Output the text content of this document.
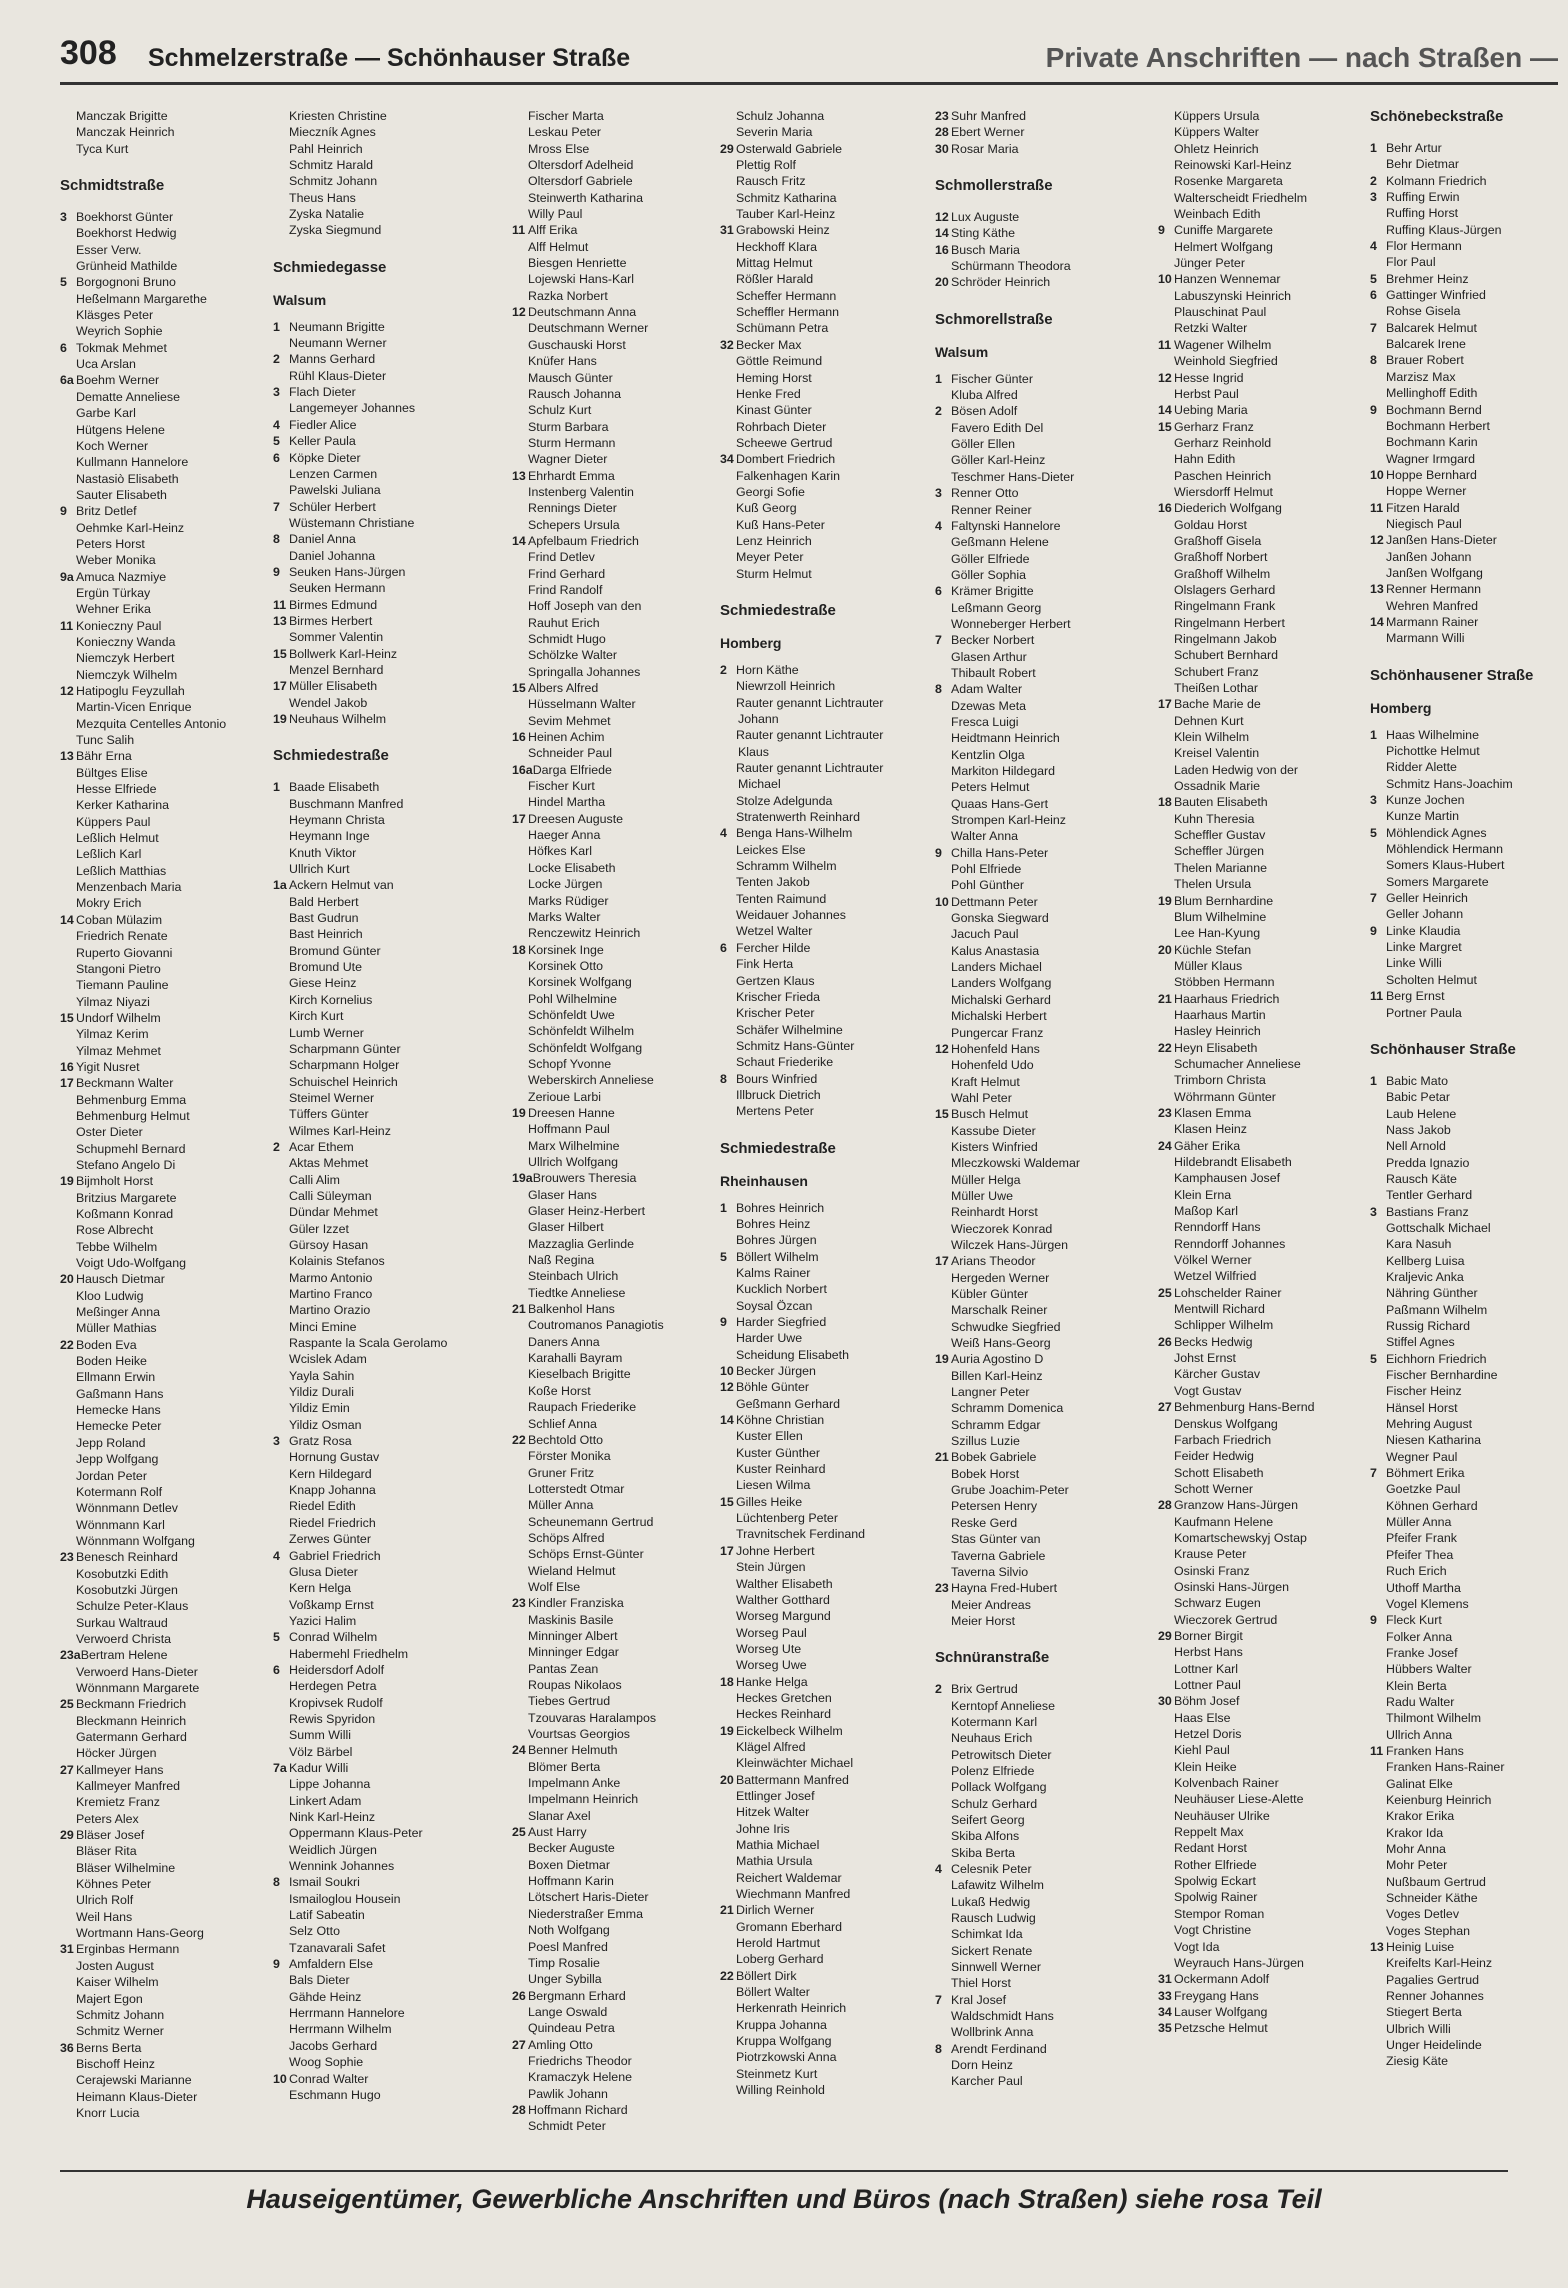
308 Schmelzerstraße — Schönhauser Straße	Private Anschriften — nach Straßen —
Manczak Brigitte
Manczak Heinrich
Tyca Kurt
Schmidtstraße
3 Boekhorst Günter
Boekhorst Hedwig
Esser Verw.
Grünheid Mathilde
5 Borgognoni Bruno
Heßelmann Margarethe
Kläsges Peter
Weyrich Sophie
6 Tokmak Mehmet
Uca Arslan
6a Boehm Werner
Dematte Anneliese
Garbe Karl
Hütgens Helene
Koch Werner
Kullmann Hannelore
Nastasiò Elisabeth
Sauter Elisabeth
9 Britz Detlef
Oehmke Karl-Heinz
Peters Horst
Weber Monika
9a Amuca Nazmiye
Ergün Türkay
Wehner Erika
11 Konieczny Paul
Konieczny Wanda
Niemczyk Herbert
Niemczyk Wilhelm
12 Hatipoglu Feyzullah
Martin-Vicen Enrique
Mezquita Centelles Antonio
Tunc Salih
13 Bähr Erna
Bültges Elise
Hesse Elfriede
Kerker Katharina
Küppers Paul
Leßlich Helmut
Leßlich Karl
Leßlich Matthias
Menzenbach Maria
Mokry Erich
14 Coban Mülazim
Friedrich Renate
Ruperto Giovanni
Stangoni Pietro
Tiemann Pauline
Yilmaz Niyazi
15 Undorf Wilhelm
Yilmaz Kerim
Yilmaz Mehmet
16 Yigit Nusret
17 Beckmann Walter
Behmenburg Emma
Behmenburg Helmut
Oster Dieter
Schupmehl Bernard
Stefano Angelo Di
19 Bijmholt Horst
Britzius Margarete
Koßmann Konrad
Rose Albrecht
Tebbe Wilhelm
Voigt Udo-Wolfgang
20 Hausch Dietmar
Kloo Ludwig
Meßinger Anna
Müller Mathias
22 Boden Eva
Boden Heike
Ellmann Erwin
Gaßmann Hans
Hemecke Hans
Hemecke Peter
Jepp Roland
Jepp Wolfgang
Jordan Peter
Kotermann Rolf
Wönnmann Detlev
Wönnmann Karl
Wönnmann Wolfgang
23 Benesch Reinhard
Kosobutzki Edith
Kosobutzki Jürgen
Schulze Peter-Klaus
Surkau Waltraud
Verwoerd Christa
23aBertram Helene
Verwoerd Hans-Dieter
Wönnmann Margarete
25 Beckmann Friedrich
Bleckmann Heinrich
Gatermann Gerhard
Höcker Jürgen
27 Kallmeyer Hans
Kallmeyer Manfred
Kremietz Franz
Peters Alex
29 Bläser Josef
Bläser Rita
Bläser Wilhelmine
Köhnes Peter
Ulrich Rolf
Weil Hans
Wortmann Hans-Georg
31 Erginbas Hermann
Josten August
Kaiser Wilhelm
Majert Egon
Schmitz Johann
Schmitz Werner
36 Berns Berta
Bischoff Heinz
Cerajewski Marianne
Heimann Klaus-Dieter
Knorr Lucia
Kriesten Christine
Mieczník Agnes
Pahl Heinrich
Schmitz Harald
Schmitz Johann
Theus Hans
Zyska Natalie
Zyska Siegmund
Schmiedegasse
Walsum
1 Neumann Brigitte
Neumann Werner
2 Manns Gerhard
Rühl Klaus-Dieter
3 Flach Dieter
Langemeyer Johannes
4 Fiedler Alice
5 Keller Paula
6 Köpke Dieter
Lenzen Carmen
Pawelski Juliana
7 Schüler Herbert
Wüstemann Christiane
8 Daniel Anna
Daniel Johanna
9 Seuken Hans-Jürgen
Seuken Hermann
11 Birmes Edmund
13 Birmes Herbert
Sommer Valentin
15 Bollwerk Karl-Heinz
Menzel Bernhard
17 Müller Elisabeth
Wendel Jakob
19 Neuhaus Wilhelm
Schmiedestraße
1 Baade Elisabeth
Buschmann Manfred
Heymann Christa
Heymann Inge
Knuth Viktor
Ullrich Kurt
1a Ackern Helmut van
Bald Herbert
Bast Gudrun
Bast Heinrich
Bromund Günter
Bromund Ute
Giese Heinz
Kirch Kornelius
Kirch Kurt
Lumb Werner
Scharpmann Günter
Scharpmann Holger
Schuischel Heinrich
Steimel Werner
Tüffers Günter
Wilmes Karl-Heinz
2 Acar Ethem
Aktas Mehmet
Calli Alim
Calli Süleyman
Dündar Mehmet
Güler Izzet
Gürsoy Hasan
Kolainis Stefanos
Marmo Antonio
Martino Franco
Martino Orazio
Minci Emine
Raspante la Scala Gerolamo
Wcislek Adam
Yayla Sahin
Yildiz Durali
Yildiz Emin
Yildiz Osman
3 Gratz Rosa
Hornung Gustav
Kern Hildegard
Knapp Johanna
Riedel Edith
Riedel Friedrich
Zerwes Günter
4 Gabriel Friedrich
Glusa Dieter
Kern Helga
Voßkamp Ernst
Yazici Halim
5 Conrad Wilhelm
Habermehl Friedhelm
6 Heidersdorf Adolf
Herdegen Petra
Kropivsek Rudolf
Rewis Spyridon
Summ Willi
Völz Bärbel
7a Kadur Willi
Lippe Johanna
Linkert Adam
Nink Karl-Heinz
Oppermann Klaus-Peter
Weidlich Jürgen
Wennink Johannes
8 Ismail Soukri
Ismailoglou Housein
Latif Sabeatin
Selz Otto
Tzanavarali Safet
9 Amfaldern Else
Bals Dieter
Gähde Heinz
Herrmann Hannelore
Herrmann Wilhelm
Jacobs Gerhard
Woog Sophie
10 Conrad Walter
Eschmann Hugo
Fischer Marta
Leskau Peter
Mross Else
Oltersdorf Adelheid
Oltersdorf Gabriele
Steinwerth Katharina
Willy Paul
11 Alff Erika
Alff Helmut
Biesgen Henriette
Lojewski Hans-Karl
Razka Norbert
12 Deutschmann Anna
Deutschmann Werner
Guschauski Horst
Knüfer Hans
Mausch Günter
Rausch Johanna
Schulz Kurt
Sturm Barbara
Sturm Hermann
Wagner Dieter
13 Ehrhardt Emma
Instenberg Valentin
Rennings Dieter
Schepers Ursula
14 Apfelbaum Friedrich
Frind Detlev
Frind Gerhard
Frind Randolf
Hoff Joseph van den
Rauhut Erich
Schmidt Hugo
Schölzke Walter
Springalla Johannes
15 Albers Alfred
Hüsselmann Walter
Sevim Mehmet
16 Heinen Achim
Schneider Paul
16aDarga Elfriede
Fischer Kurt
Hindel Martha
17 Dreesen Auguste
Haeger Anna
Höfkes Karl
Locke Elisabeth
Locke Jürgen
Marks Rüdiger
Marks Walter
Renczewitz Heinrich
18 Korsinek Inge
Korsinek Otto
Korsinek Wolfgang
Pohl Wilhelmine
Schönfeldt Uwe
Schönfeldt Wilhelm
Schönfeldt Wolfgang
Schopf Yvonne
Weberskirch Anneliese
Zerioue Larbi
19 Dreesen Hanne
Hoffmann Paul
Marx Wilhelmine
Ullrich Wolfgang
19aBrouwers Theresia
Glaser Hans
Glaser Heinz-Herbert
Glaser Hilbert
Mazzaglia Gerlinde
Naß Regina
Steinbach Ulrich
Tiedtke Anneliese
21 Balkenhol Hans
Coutromanos Panagiotis
Daners Anna
Karahalli Bayram
Kieselbach Brigitte
Koße Horst
Raupach Friederike
Schlief Anna
22 Bechtold Otto
Förster Monika
Gruner Fritz
Lotterstedt Otmar
Müller Anna
Scheunemann Gertrud
Schöps Alfred
Schöps Ernst-Günter
Wieland Helmut
Wolf Else
23 Kindler Franziska
Maskinis Basile
Minninger Albert
Minninger Edgar
Pantas Zean
Roupas Nikolaos
Tiebes Gertrud
Tzouvaras Haralampos
Vourtsas Georgios
24 Benner Helmuth
Blömer Berta
Impelmann Anke
Impelmann Heinrich
Slanar Axel
25 Aust Harry
Becker Auguste
Boxen Dietmar
Hoffmann Karin
Lötschert Haris-Dieter
Niederstraßer Emma
Noth Wolfgang
Poesl Manfred
Timp Rosalie
Unger Sybilla
26 Bergmann Erhard
Lange Oswald
Quindeau Petra
27 Amling Otto
Friedrichs Theodor
Kramaczyk Helene
Pawlik Johann
28 Hoffmann Richard
Schmidt Peter
Schulz Johanna
Severin Maria
29 Osterwald Gabriele
Plettig Rolf
Rausch Fritz
Schmitz Katharina
Tauber Karl-Heinz
31 Grabowski Heinz
Heckhoff Klara
Mittag Helmut
Rößler Harald
Scheffer Hermann
Scheffler Hermann
Schümann Petra
32 Becker Max
Göttle Reimund
Heming Horst
Henke Fred
Kinast Günter
Rohrbach Dieter
Scheewe Gertrud
34 Dombert Friedrich
Falkenhagen Karin
Georgi Sofie
Kuß Georg
Kuß Hans-Peter
Lenz Heinrich
Meyer Peter
Sturm Helmut
Schmiedestraße
Homberg
2 Horn Käthe
Niewrzoll Heinrich
Rauter genannt Lichtrauter
Johann
Rauter genannt Lichtrauter
Klaus
Rauter genannt Lichtrauter
Michael
Stolze Adelgunda
Stratenwerth Reinhard
4 Benga Hans-Wilhelm
Leickes Else
Schramm Wilhelm
Tenten Jakob
Tenten Raimund
Weidauer Johannes
Wetzel Walter
6 Fercher Hilde
Fink Herta
Gertzen Klaus
Krischer Frieda
Krischer Peter
Schäfer Wilhelmine
Schmitz Hans-Günter
Schaut Friederike
8 Bours Winfried
Illbruck Dietrich
Mertens Peter
Schmiedestraße
Rheinhausen
1 Bohres Heinrich
Bohres Heinz
Bohres Jürgen
5 Böllert Wilhelm
Kalms Rainer
Kucklich Norbert
Soysal Özcan
9 Harder Siegfried
Harder Uwe
Scheidung Elisabeth
10 Becker Jürgen
12 Böhle Günter
Geßmann Gerhard
14 Köhne Christian
Kuster Ellen
Kuster Günther
Kuster Reinhard
Liesen Wilma
15 Gilles Heike
Lüchtenberg Peter
Travnitschek Ferdinand
17 Johne Herbert
Stein Jürgen
Walther Elisabeth
Walther Gotthard
Worseg Margund
Worseg Paul
Worseg Ute
Worseg Uwe
18 Hanke Helga
Heckes Gretchen
Heckes Reinhard
19 Eickelbeck Wilhelm
Klägel Alfred
Kleinwächter Michael
20 Battermann Manfred
Ettlinger Josef
Hitzek Walter
Johne Iris
Mathia Michael
Mathia Ursula
Reichert Waldemar
Wiechmann Manfred
21 Dirlich Werner
Gromann Eberhard
Herold Hartmut
Loberg Gerhard
22 Böllert Dirk
Böllert Walter
Herkenrath Heinrich
Kruppa Johanna
Kruppa Wolfgang
Piotrzkowski Anna
Steinmetz Kurt
Willing Reinhold
23 Suhr Manfred
28 Ebert Werner
30 Rosar Maria
Schmollerstraße
12 Lux Auguste
14 Sting Käthe
16 Busch Maria
Schürmann Theodora
20 Schröder Heinrich
Schmorellstraße
Walsum
1 Fischer Günter
Kluba Alfred
2 Bösen Adolf
Favero Edith Del
Göller Ellen
Göller Karl-Heinz
Teschmer Hans-Dieter
3 Renner Otto
Renner Reiner
4 Faltynski Hannelore
Geßmann Helene
Göller Elfriede
Göller Sophia
6 Krämer Brigitte
Leßmann Georg
Wonneberger Herbert
7 Becker Norbert
Glasen Arthur
Thibault Robert
8 Adam Walter
Dzewas Meta
Fresca Luigi
Heidtmann Heinrich
Kentzlin Olga
Markiton Hildegard
Peters Helmut
Quaas Hans-Gert
Strompen Karl-Heinz
Walter Anna
9 Chilla Hans-Peter
Pohl Elfriede
Pohl Günther
10 Dettmann Peter
Gonska Siegward
Jacuch Paul
Kalus Anastasia
Landers Michael
Landers Wolfgang
Michalski Gerhard
Michalski Herbert
Pungercar Franz
12 Hohenfeld Hans
Hohenfeld Udo
Kraft Helmut
Wahl Peter
15 Busch Helmut
Kassube Dieter
Kisters Winfried
Mleczkowski Waldemar
Müller Helga
Müller Uwe
Reinhardt Horst
Wieczorek Konrad
Wilczek Hans-Jürgen
17 Arians Theodor
Hergeden Werner
Kübler Günter
Marschalk Reiner
Schwudke Siegfried
Weiß Hans-Georg
19 Auria Agostino D
Billen Karl-Heinz
Langner Peter
Schramm Domenica
Schramm Edgar
Szillus Luzie
21 Bobek Gabriele
Bobek Horst
Grube Joachim-Peter
Petersen Henry
Reske Gerd
Stas Günter van
Taverna Gabriele
Taverna Silvio
23 Hayna Fred-Hubert
Meier Andreas
Meier Horst
Schnüranstraße
2 Brix Gertrud
Kerntopf Anneliese
Kotermann Karl
Neuhaus Erich
Petrowitsch Dieter
Polenz Elfriede
Pollack Wolfgang
Schulz Gerhard
Seifert Georg
Skiba Alfons
Skiba Berta
4 Celesnik Peter
Lafawitz Wilhelm
Lukaß Hedwig
Rausch Ludwig
Schimkat Ida
Sickert Renate
Sinnwell Werner
Thiel Horst
7 Kral Josef
Waldschmidt Hans
Wollbrink Anna
8 Arendt Ferdinand
Dorn Heinz
Karcher Paul
Küppers Ursula
Küppers Walter
Ohletz Heinrich
Reinowski Karl-Heinz
Rosenke Margareta
Walterscheidt Friedhelm
Weinbach Edith
9 Cuniffe Margarete
Helmert Wolfgang
Jünger Peter
10 Hanzen Wennemar
Labuszynski Heinrich
Plauschinat Paul
Retzki Walter
11 Wagener Wilhelm
Weinhold Siegfried
12 Hesse Ingrid
Herbst Paul
14 Uebing Maria
15 Gerharz Franz
Gerharz Reinhold
Hahn Edith
Paschen Heinrich
Wiersdorff Helmut
16 Diederich Wolfgang
Goldau Horst
Graßhoff Gisela
Graßhoff Norbert
Graßhoff Wilhelm
Olslagers Gerhard
Ringelmann Frank
Ringelmann Herbert
Ringelmann Jakob
Schubert Bernhard
Schubert Franz
Theißen Lothar
17 Bache Marie de
Dehnen Kurt
Klein Wilhelm
Kreisel Valentin
Laden Hedwig von der
Ossadnik Marie
18 Bauten Elisabeth
Kuhn Theresia
Scheffler Gustav
Scheffler Jürgen
Thelen Marianne
Thelen Ursula
19 Blum Bernhardine
Blum Wilhelmine
Lee Han-Kyung
20 Küchle Stefan
Müller Klaus
Stöbben Hermann
21 Haarhaus Friedrich
Haarhaus Martin
Hasley Heinrich
22 Heyn Elisabeth
Schumacher Anneliese
Trimborn Christa
Wöhrmann Günter
23 Klasen Emma
Klasen Heinz
24 Gäher Erika
Hildebrandt Elisabeth
Kamphausen Josef
Klein Erna
Maßop Karl
Renndorff Hans
Renndorff Johannes
Völkel Werner
Wetzel Wilfried
25 Lohschelder Rainer
Mentwill Richard
Schlipper Wilhelm
26 Becks Hedwig
Johst Ernst
Kärcher Gustav
Vogt Gustav
27 Behmenburg Hans-Bernd
Denskus Wolfgang
Farbach Friedrich
Feider Hedwig
Schott Elisabeth
Schott Werner
28 Granzow Hans-Jürgen
Kaufmann Helene
Komartschewskyj Ostap
Krause Peter
Osinski Franz
Osinski Hans-Jürgen
Schwarz Eugen
Wieczorek Gertrud
29 Borner Birgit
Herbst Hans
Lottner Karl
Lottner Paul
30 Böhm Josef
Haas Else
Hetzel Doris
Kiehl Paul
Klein Heike
Kolvenbach Rainer
Neuhäuser Liese-Alette
Neuhäuser Ulrike
Reppelt Max
Redant Horst
Rother Elfriede
Spolwig Eckart
Spolwig Rainer
Stempor Roman
Vogt Christine
Vogt Ida
Weyrauch Hans-Jürgen
31 Ockermann Adolf
33 Freygang Hans
34 Lauser Wolfgang
35 Petzsche Helmut
Schönebeckstraße
1 Behr Artur
Behr Dietmar
2 Kolmann Friedrich
3 Ruffing Erwin
Ruffing Horst
Ruffing Klaus-Jürgen
4 Flor Hermann
Flor Paul
5 Brehmer Heinz
6 Gattinger Winfried
Rohse Gisela
7 Balcarek Helmut
Balcarek Irene
8 Brauer Robert
Marzisz Max
Mellinghoff Edith
9 Bochmann Bernd
Bochmann Herbert
Bochmann Karin
Wagner Irmgard
10 Hoppe Bernhard
Hoppe Werner
11 Fitzen Harald
Niegisch Paul
12 Janßen Hans-Dieter
Janßen Johann
Janßen Wolfgang
13 Renner Hermann
Wehren Manfred
14 Marmann Rainer
Marmann Willi
Schönhausener Straße
Homberg
1 Haas Wilhelmine
Pichottke Helmut
Ridder Alette
Schmitz Hans-Joachim
3 Kunze Jochen
Kunze Martin
5 Möhlendick Agnes
Möhlendick Hermann
Somers Klaus-Hubert
Somers Margarete
7 Geller Heinrich
Geller Johann
9 Linke Klaudia
Linke Margret
Linke Willi
Scholten Helmut
11 Berg Ernst
Portner Paula
Schönhauser Straße
1 Babic Mato
Babic Petar
Laub Helene
Nass Jakob
Nell Arnold
Predda Ignazio
Rausch Käte
Tentler Gerhard
3 Bastians Franz
Gottschalk Michael
Kara Nasuh
Kellberg Luisa
Kraljevic Anka
Nähring Günther
Paßmann Wilhelm
Russig Richard
Stiffel Agnes
5 Eichhorn Friedrich
Fischer Bernhardine
Fischer Heinz
Hänsel Horst
Mehring August
Niesen Katharina
Wegner Paul
7 Böhmert Erika
Goetzke Paul
Köhnen Gerhard
Müller Anna
Pfeifer Frank
Pfeifer Thea
Ruch Erich
Uthoff Martha
Vogel Klemens
9 Fleck Kurt
Folker Anna
Franke Josef
Hübbers Walter
Klein Berta
Radu Walter
Thilmont Wilhelm
Ullrich Anna
11 Franken Hans
Franken Hans-Rainer
Galinat Elke
Keienburg Heinrich
Krakor Erika
Krakor Ida
Mohr Anna
Mohr Peter
Nußbaum Gertrud
Schneider Käthe
Voges Detlev
Voges Stephan
13 Heinig Luise
Kreifelts Karl-Heinz
Pagalies Gertrud
Renner Johannes
Stiegert Berta
Ulbrich Willi
Unger Heidelinde
Ziesig Käte
Hauseigentümer, Gewerbliche Anschriften und Büros (nach Straßen) siehe rosa Teil
